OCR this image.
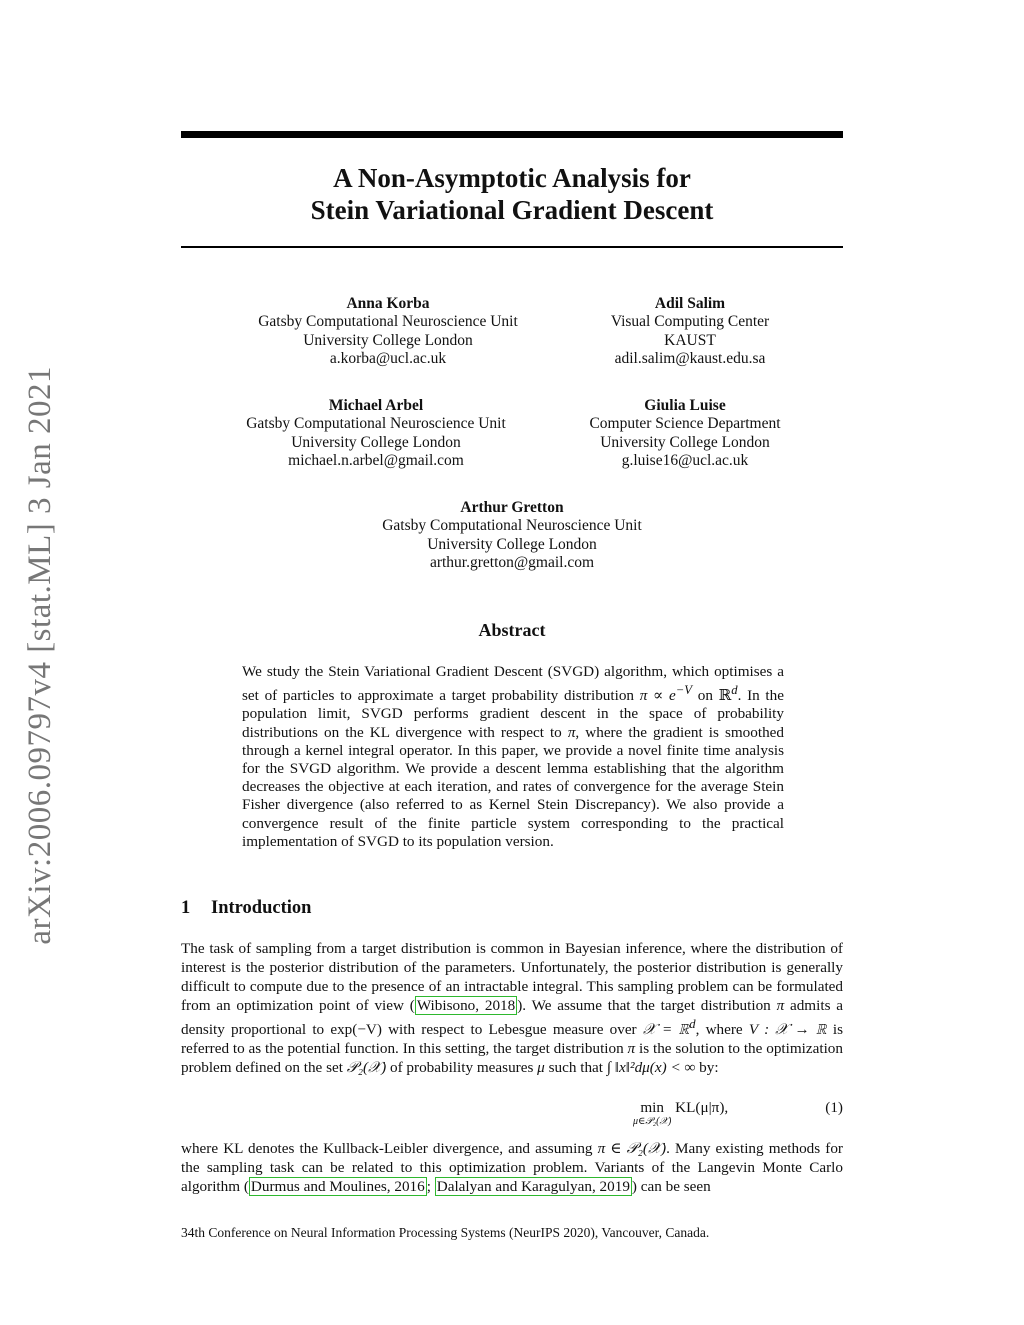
arXiv:2006.09797v4 [stat.ML] 3 Jan 2021
A Non-Asymptotic Analysis for
Stein Variational Gradient Descent
Anna Korba
Gatsby Computational Neuroscience Unit
University College London
a.korba@ucl.ac.uk
Adil Salim
Visual Computing Center
KAUST
adil.salim@kaust.edu.sa
Michael Arbel
Gatsby Computational Neuroscience Unit
University College London
michael.n.arbel@gmail.com
Giulia Luise
Computer Science Department
University College London
g.luise16@ucl.ac.uk
Arthur Gretton
Gatsby Computational Neuroscience Unit
University College London
arthur.gretton@gmail.com
Abstract
We study the Stein Variational Gradient Descent (SVGD) algorithm, which optimises a set of particles to approximate a target probability distribution $\pi \propto e^{-V}$ on ℝ$^d$. In the population limit, SVGD performs gradient descent in the space of probability distributions on the KL divergence with respect to π, where the gradient is smoothed through a kernel integral operator. In this paper, we provide a novel finite time analysis for the SVGD algorithm. We provide a descent lemma establishing that the algorithm decreases the objective at each iteration, and rates of convergence for the average Stein Fisher divergence (also referred to as Kernel Stein Discrepancy). We also provide a convergence result of the finite particle system corresponding to the practical implementation of SVGD to its population version.
1 Introduction
The task of sampling from a target distribution is common in Bayesian inference, where the distribution of interest is the posterior distribution of the parameters. Unfortunately, the posterior distribution is generally difficult to compute due to the presence of an intractable integral. This sampling problem can be formulated from an optimization point of view ( Wibisono, 2018 ). We assume that the target distribution π admits a density proportional to exp(−V) with respect to Lebesgue measure over 𝒳 = ℝ$^d$, where V : 𝒳 → ℝ is referred to as the potential function. In this setting, the target distribution π is the solution to the optimization problem defined on the set 𝒫₂(𝒳) of probability measures μ such that ∫ ‖x‖²dμ(x) < ∞ by:
min
μ∈𝒫₂(𝒳)
KL(μ|π),	(1)
where KL denotes the Kullback-Leibler divergence, and assuming π ∈ 𝒫₂(𝒳). Many existing methods for the sampling task can be related to this optimization problem. Variants of the Langevin Monte Carlo algorithm ( Durmus and Moulines, 2016 ; Dalalyan and Karagulyan, 2019 ) can be seen
34th Conference on Neural Information Processing Systems (NeurIPS 2020), Vancouver, Canada.
